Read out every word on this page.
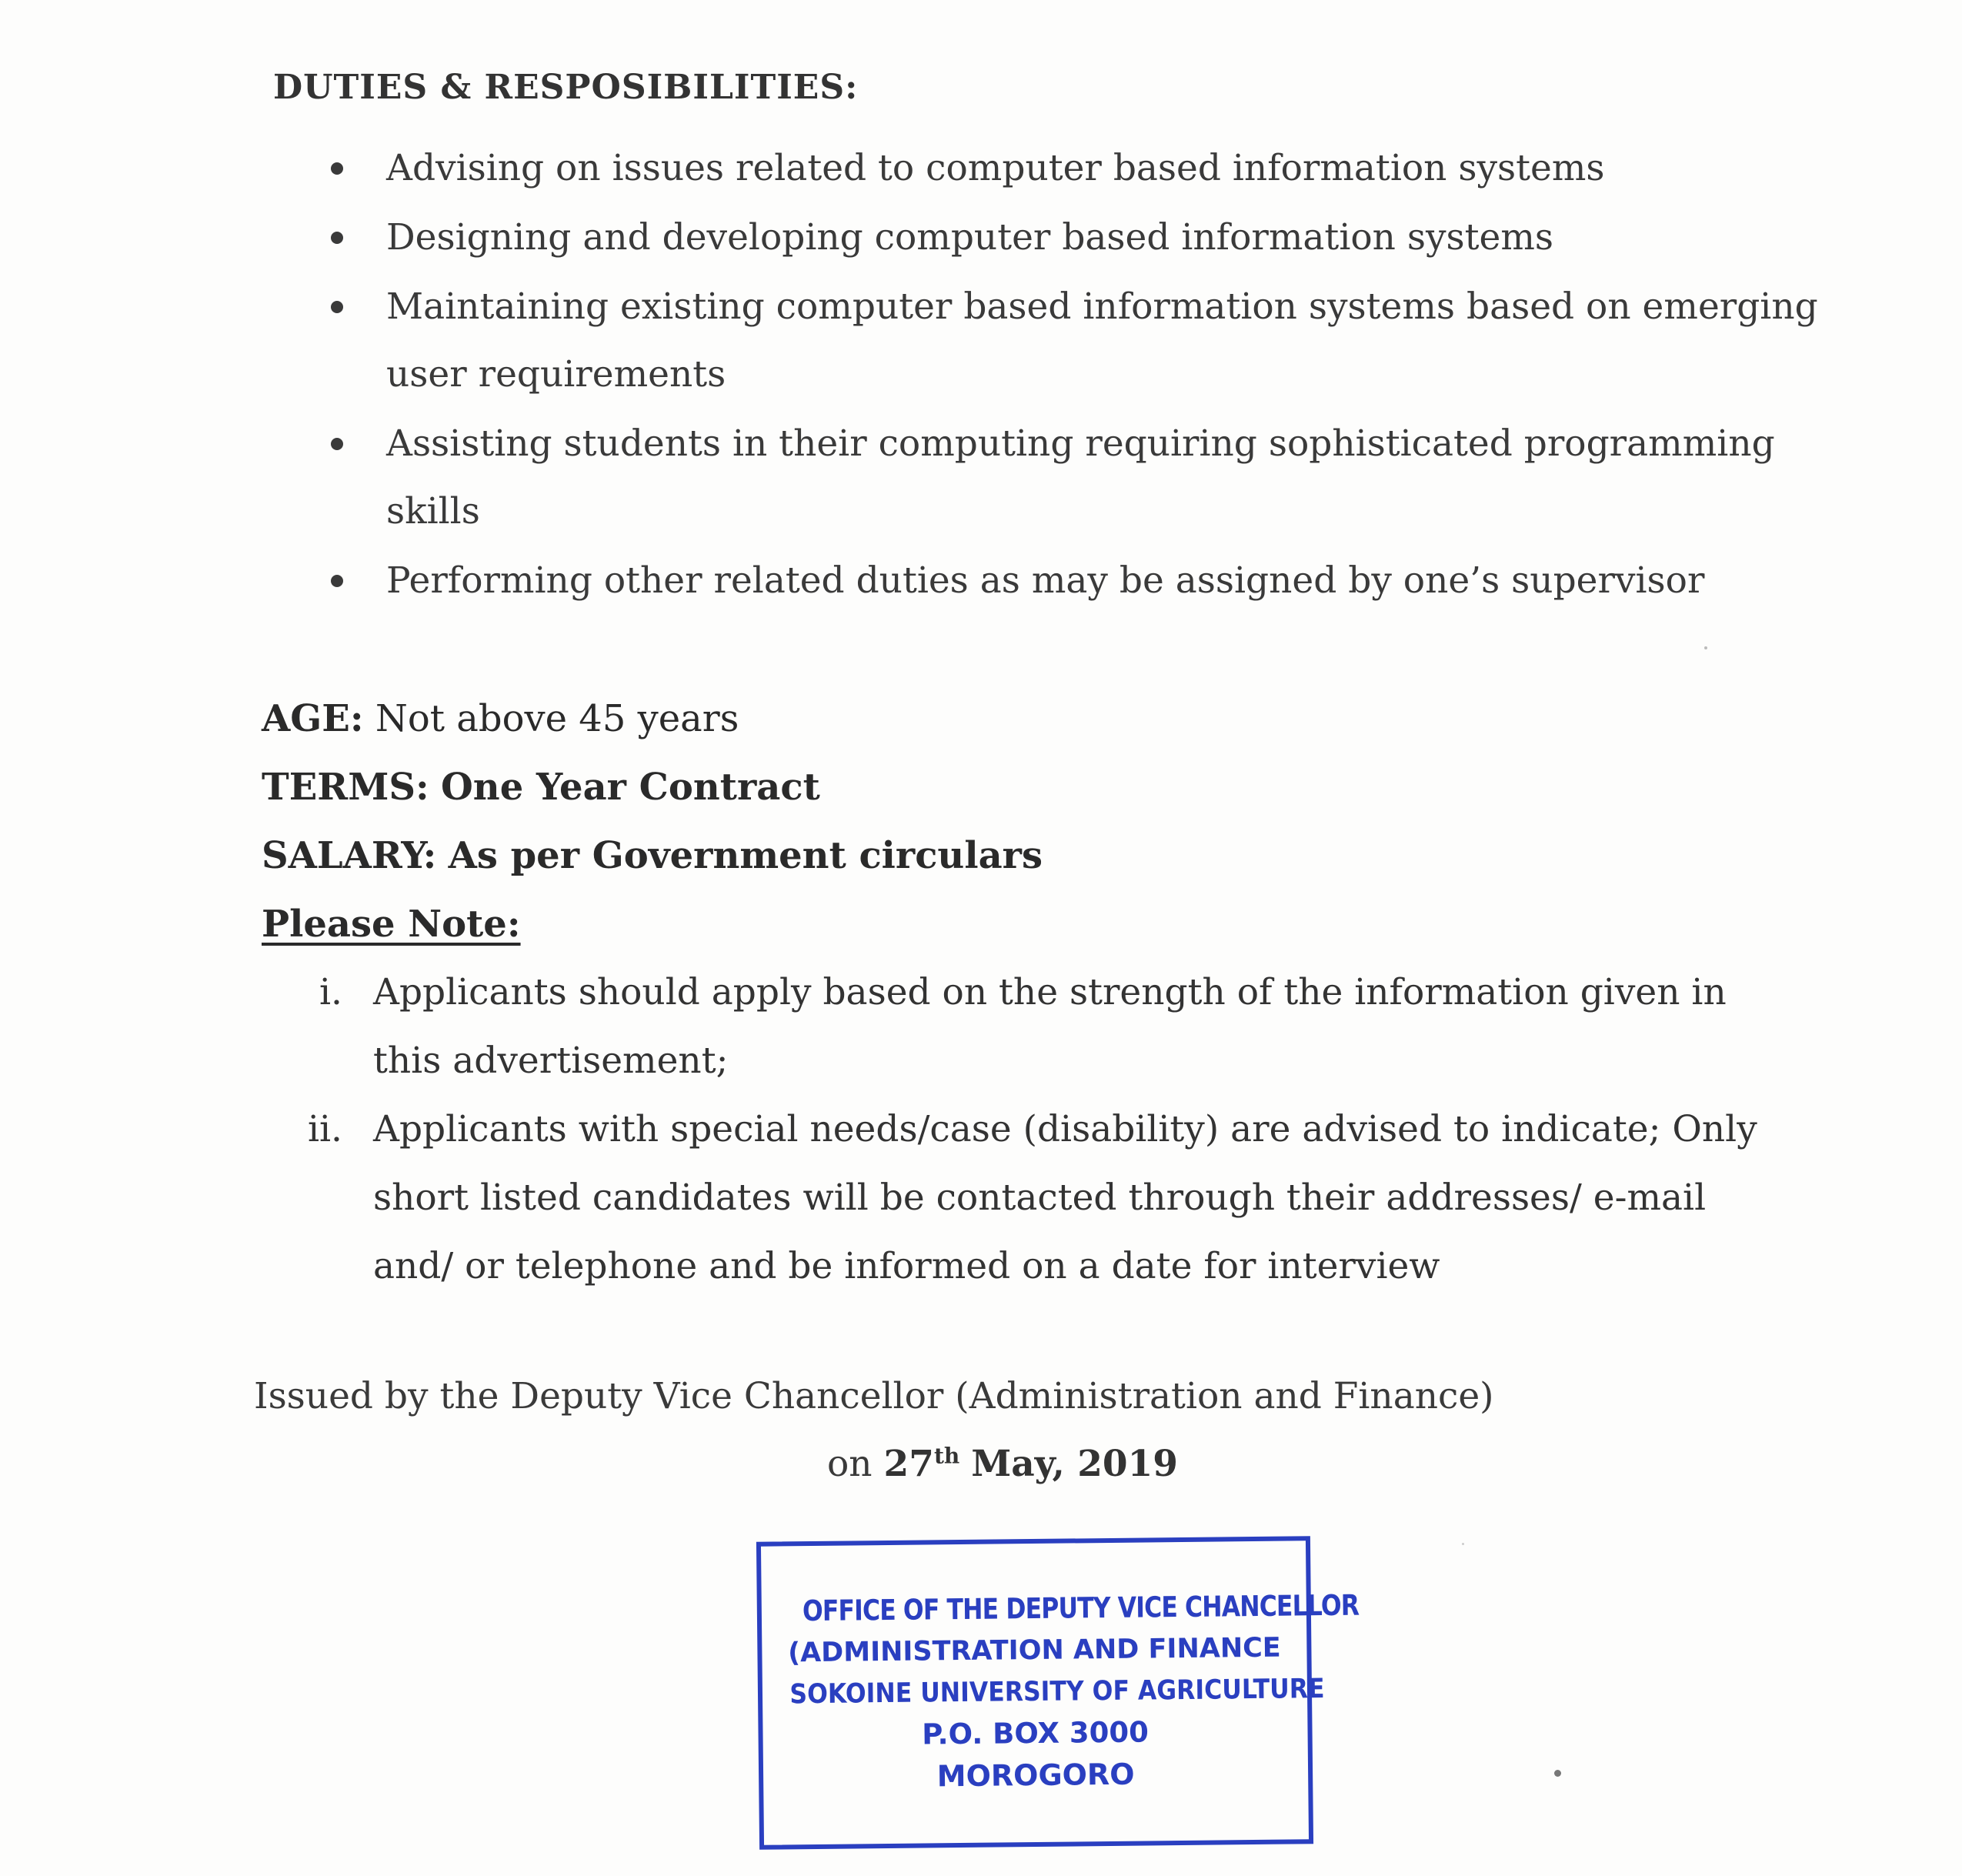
DUTIES & RESPOSIBILITIES:
Advising on issues related to computer based information systems
Designing and developing computer based information systems
Maintaining existing computer based information systems based on emerging user requirements
Assisting students in their computing requiring sophisticated programming skills
Performing other related duties as may be assigned by one’s supervisor
AGE: Not above 45 years
TERMS: One Year Contract
SALARY: As per Government circulars
Please Note:
i. Applicants should apply based on the strength of the information given in this advertisement;
ii. Applicants with special needs/case (disability) are advised to indicate; Only short listed candidates will be contacted through their addresses/ e-mail and/ or telephone and be informed on a date for interview
Issued by the Deputy Vice Chancellor (Administration and Finance)
on 27th May, 2019
OFFICE OF THE DEPUTY VICE CHANCELLOR
(ADMINISTRATION AND FINANCE
SOKOINE UNIVERSITY OF AGRICULTURE
P.O. BOX 3000
MOROGORO
